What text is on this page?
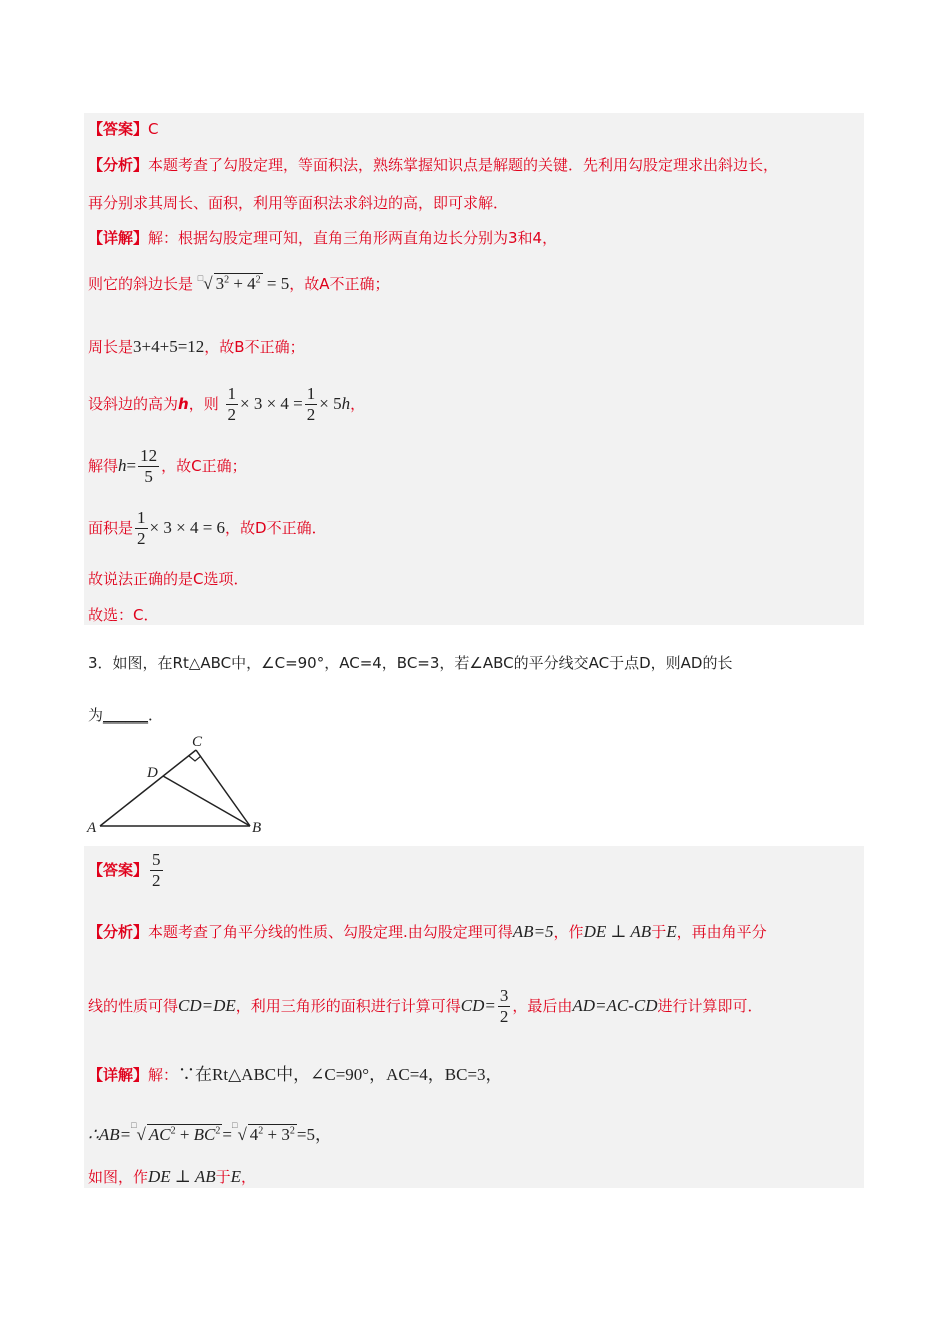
【答案】C
【分析】本题考查了勾股定理，等面积法，熟练掌握知识点是解题的关键．先利用勾股定理求出斜边长，
再分别求其周长、面积，利用等面积法求斜边的高，即可求解．
【详解】解：根据勾股定理可知，直角三角形两直角边长分别为3和4，
则它的斜边长是 □√ $3^2 + 4^2 = 5$，故A不正确；
周长是3+4+5=12，故B不正确；
设斜边的高为h，则 $\frac{1}{2} \times 3 \times 4 = \frac{1}{2} \times 5h$，
解得$h= \frac{12}{5}$ ，故C正确；
面积是 $\frac{1}{2} \times 3 \times 4 = 6$，故D不正确．
故说法正确的是C选项．
故选：C．
3．如图，在Rt△ABC中，∠C=90°，AC=4，BC=3，若∠ABC的平分线交AC于点D，则AD的长
为______．
A	B
C
D
【答案】 $\frac{5}{2}$
【分析】本题考查了角平分线的性质、勾股定理.由勾股定理可得AB=5，作DE ⊥ AB于E，再由角平分
线的性质可得CD=DE，利用三角形的面积进行计算可得$CD= \frac{3}{2}$ ，最后由AD=AC-CD进行计算即可．
【详解】解：∵在Rt△ABC中，∠C=90°，AC=4，BC=3，
∴AB=□√ $AC^2 + BC^2 =^□√$ $4^2 + 3^2 =5$，
如图，作DE ⊥ AB于E，
